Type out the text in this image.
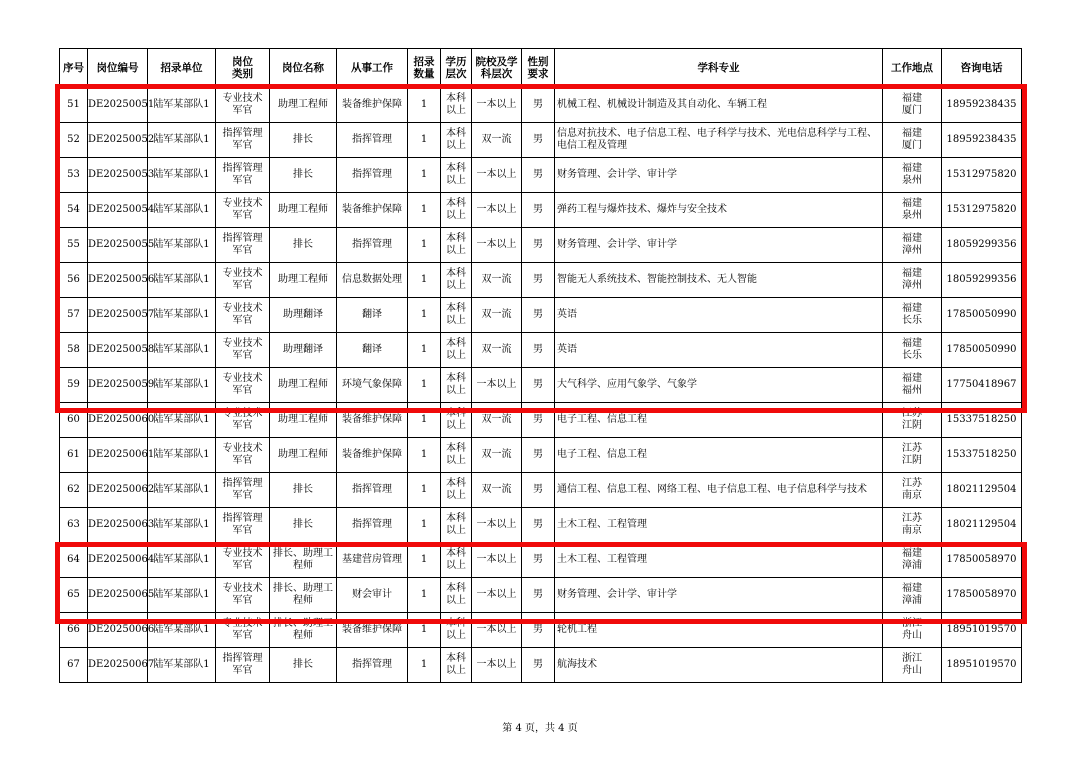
序号	岗位编号	招录单位	岗位
类别	岗位名称	从事工作	招录
数量	学历
层次	院校及学
科层次	性别
要求	学科专业	工作地点	咨询电话

51	DE20250051	陆军某部队1	专业技术
军官	助理工程师	装备维护保障	1	本科
以上	一本以上	男	机械工程、机械设计制造及其自动化、车辆工程	福建
厦门	18959238435
52	DE20250052	陆军某部队1	指挥管理
军官	排长	指挥管理	1	本科
以上	双一流	男	信息对抗技术、电子信息工程、电子科学与技术、光电信息科学与工程、电信工程及管理	福建
厦门	18959238435
53	DE20250053	陆军某部队1	指挥管理
军官	排长	指挥管理	1	本科
以上	一本以上	男	财务管理、会计学、审计学	福建
泉州	15312975820
54	DE20250054	陆军某部队1	专业技术
军官	助理工程师	装备维护保障	1	本科
以上	一本以上	男	弹药工程与爆炸技术、爆炸与安全技术	福建
泉州	15312975820
55	DE20250055	陆军某部队1	指挥管理
军官	排长	指挥管理	1	本科
以上	一本以上	男	财务管理、会计学、审计学	福建
漳州	18059299356
56	DE20250056	陆军某部队1	专业技术
军官	助理工程师	信息数据处理	1	本科
以上	双一流	男	智能无人系统技术、智能控制技术、无人智能	福建
漳州	18059299356
57	DE20250057	陆军某部队1	专业技术
军官	助理翻译	翻译	1	本科
以上	双一流	男	英语	福建
长乐	17850050990
58	DE20250058	陆军某部队1	专业技术
军官	助理翻译	翻译	1	本科
以上	双一流	男	英语	福建
长乐	17850050990
59	DE20250059	陆军某部队1	专业技术
军官	助理工程师	环境气象保障	1	本科
以上	一本以上	男	大气科学、应用气象学、气象学	福建
福州	17750418967
60	DE20250060	陆军某部队1	专业技术
军官	助理工程师	装备维护保障	1	本科
以上	双一流	男	电子工程、信息工程	江苏
江阴	15337518250
61	DE20250061	陆军某部队1	专业技术
军官	助理工程师	装备维护保障	1	本科
以上	双一流	男	电子工程、信息工程	江苏
江阴	15337518250
62	DE20250062	陆军某部队1	指挥管理
军官	排长	指挥管理	1	本科
以上	双一流	男	通信工程、信息工程、网络工程、电子信息工程、电子信息科学与技术	江苏
南京	18021129504
63	DE20250063	陆军某部队1	指挥管理
军官	排长	指挥管理	1	本科
以上	一本以上	男	土木工程、工程管理	江苏
南京	18021129504
64	DE20250064	陆军某部队1	专业技术
军官	排长、助理工
程师	基建营房管理	1	本科
以上	一本以上	男	土木工程、工程管理	福建
漳浦	17850058970
65	DE20250065	陆军某部队1	专业技术
军官	排长、助理工
程师	财会审计	1	本科
以上	一本以上	男	财务管理、会计学、审计学	福建
漳浦	17850058970
66	DE20250066	陆军某部队1	专业技术
军官	排长、助理工
程师	装备维护保障	1	本科
以上	一本以上	男	轮机工程	浙江
舟山	18951019570
67	DE20250067	陆军某部队1	指挥管理
军官	排长	指挥管理	1	本科
以上	一本以上	男	航海技术	浙江
舟山	18951019570
第 4 页，共 4 页
